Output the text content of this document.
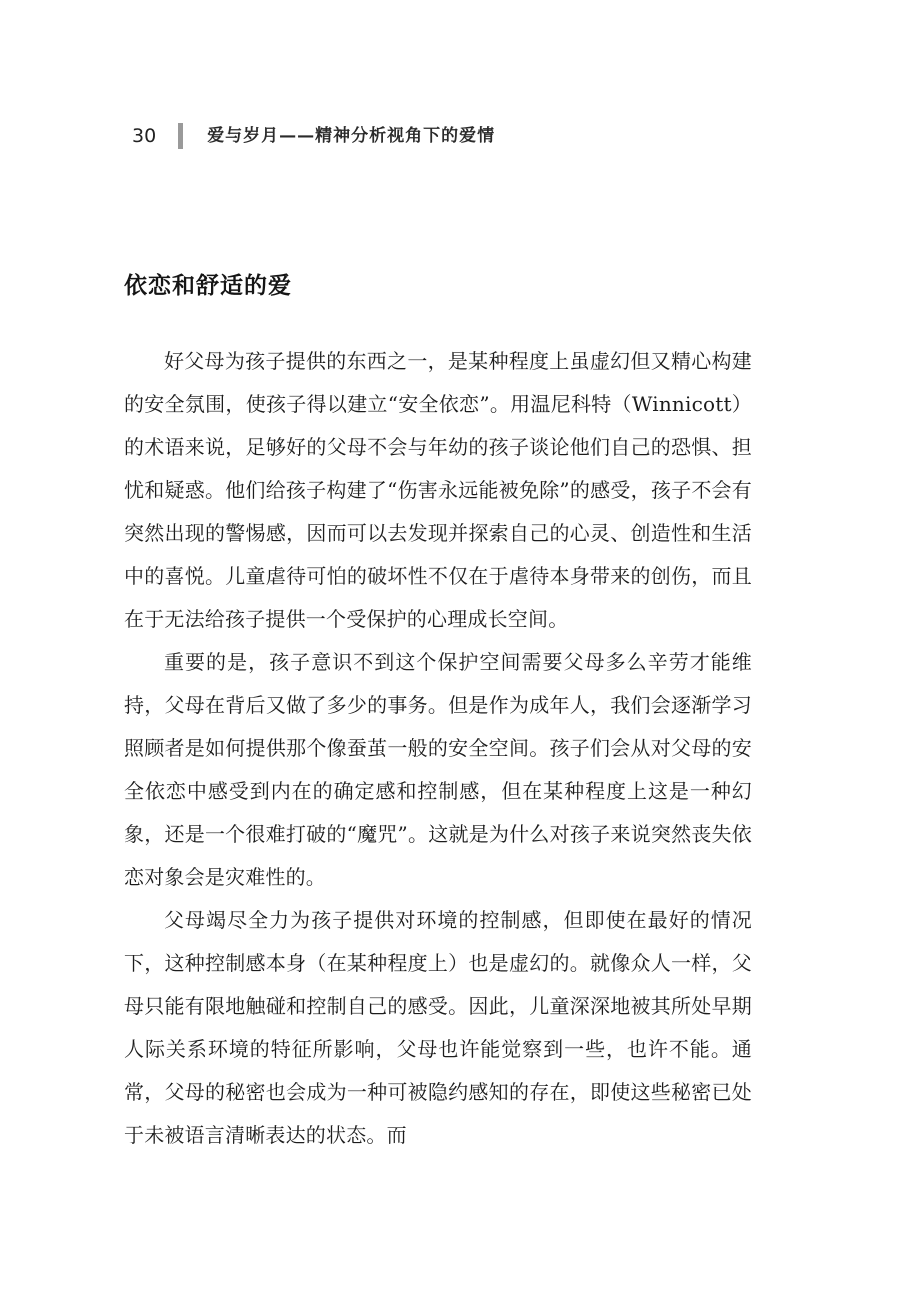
30	爱与岁月——精神分析视角下的爱情
依恋和舒适的爱

好父母为孩子提供的东西之一，是某种程度上虽虚幻但又精心构建的安全氛围，使孩子得以建立“安全依恋”。用温尼科特（Winnicott）的术语来说，足够好的父母不会与年幼的孩子谈论他们自己的恐惧、担忧和疑惑。他们给孩子构建了“伤害永远能被免除”的感受，孩子不会有突然出现的警惕感，因而可以去发现并探索自己的心灵、创造性和生活中的喜悦。儿童虐待可怕的破坏性不仅在于虐待本身带来的创伤，而且在于无法给孩子提供一个受保护的心理成长空间。

重要的是，孩子意识不到这个保护空间需要父母多么辛劳才能维持，父母在背后又做了多少的事务。但是作为成年人，我们会逐渐学习照顾者是如何提供那个像蚕茧一般的安全空间。孩子们会从对父母的安全依恋中感受到内在的确定感和控制感，但在某种程度上这是一种幻象，还是一个很难打破的“魔咒”。这就是为什么对孩子来说突然丧失依恋对象会是灾难性的。

父母竭尽全力为孩子提供对环境的控制感，但即使在最好的情况下，这种控制感本身（在某种程度上）也是虚幻的。就像众人一样，父母只能有限地触碰和控制自己的感受。因此，儿童深深地被其所处早期人际关系环境的特征所影响，父母也许能觉察到一些，也许不能。通常，父母的秘密也会成为一种可被隐约感知的存在，即使这些秘密已处于未被语言清晰表达的状态。而
